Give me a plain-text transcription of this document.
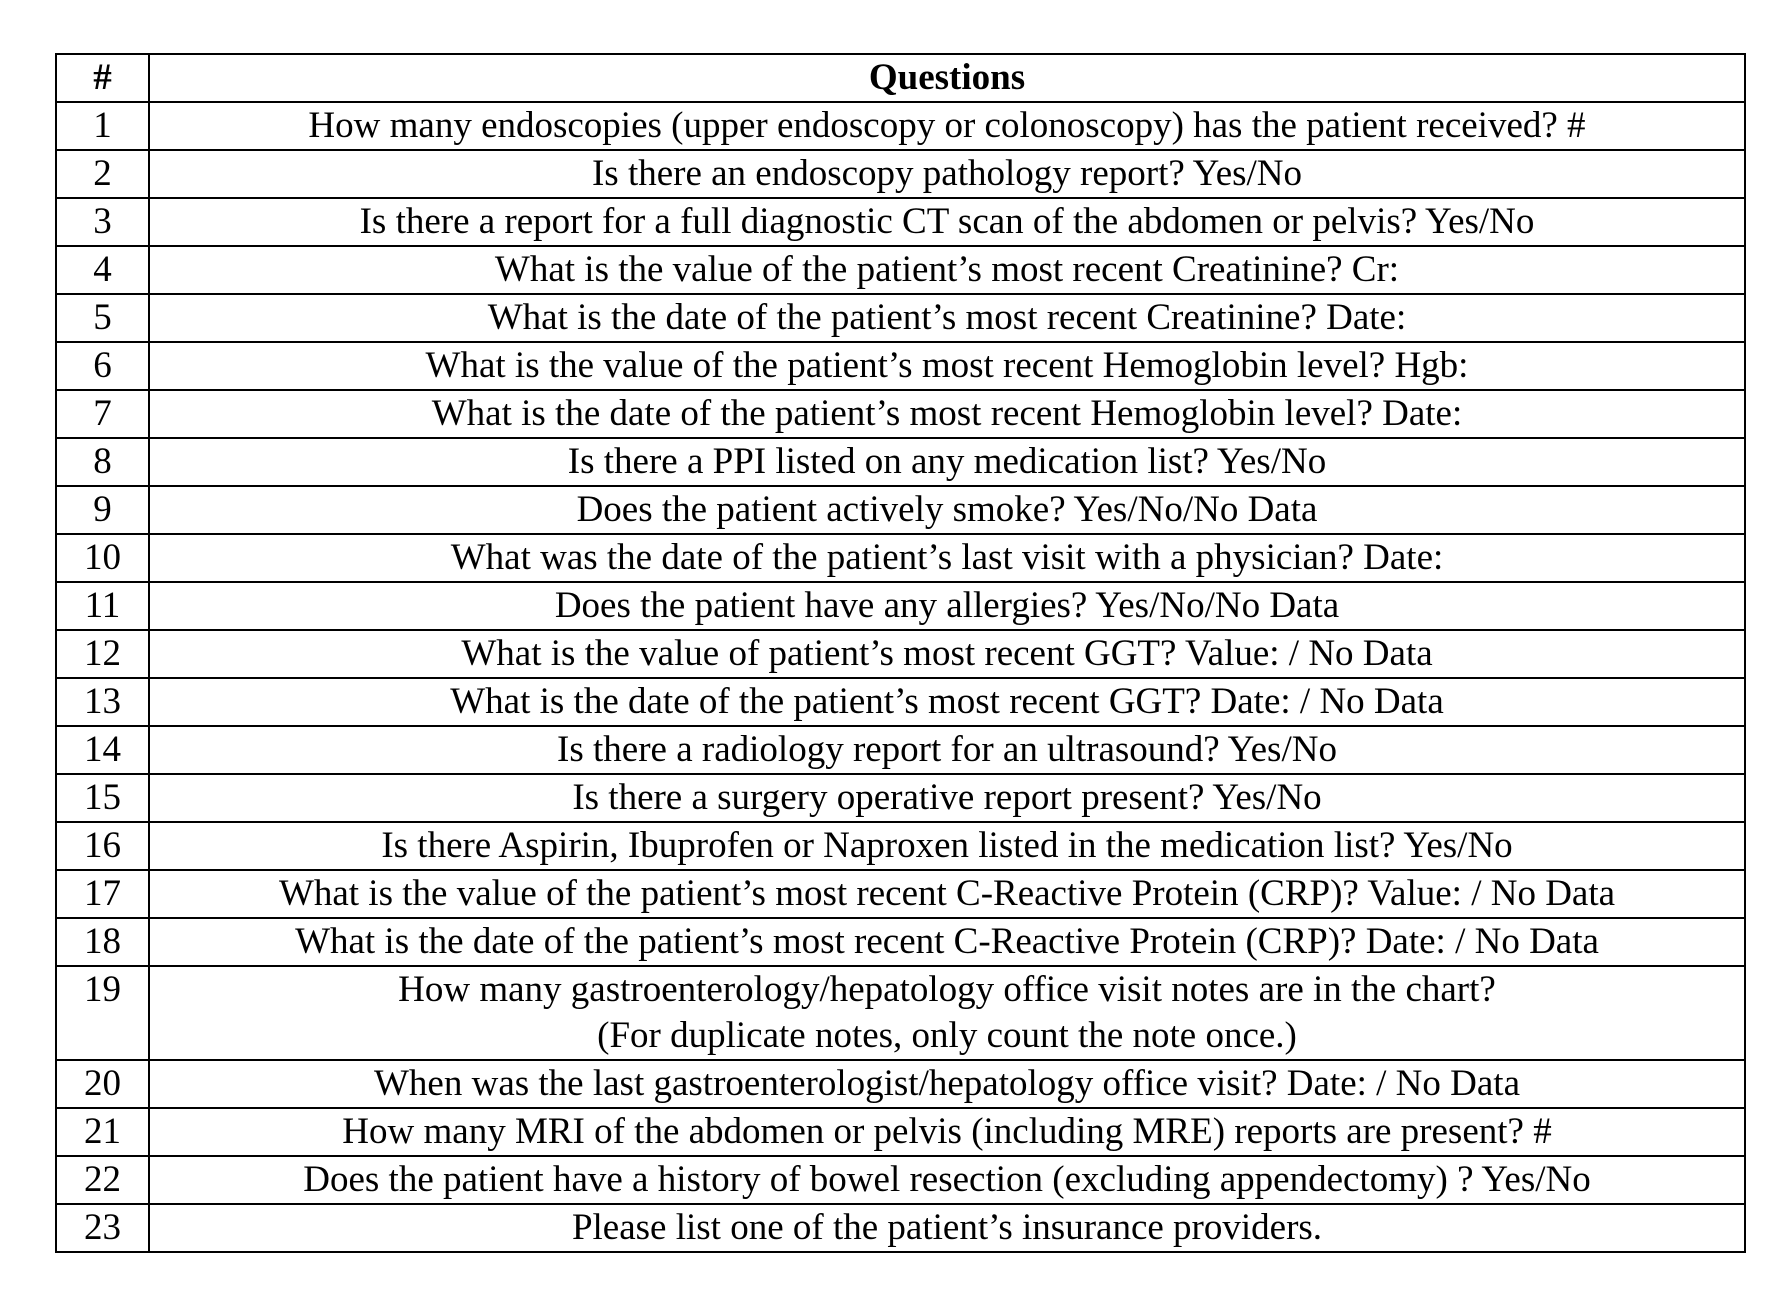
#	Questions
1	How many endoscopies (upper endoscopy or colonoscopy) has the patient received? #

2	Is there an endoscopy pathology report? Yes/No

3	Is there a report for a full diagnostic CT scan of the abdomen or pelvis? Yes/No

4	What is the value of the patient’s most recent Creatinine? Cr:

5	What is the date of the patient’s most recent Creatinine? Date:

6	What is the value of the patient’s most recent Hemoglobin level? Hgb:

7	What is the date of the patient’s most recent Hemoglobin level? Date:

8	Is there a PPI listed on any medication list? Yes/No

9	Does the patient actively smoke? Yes/No/No Data

10	What was the date of the patient’s last visit with a physician? Date:

11	Does the patient have any allergies? Yes/No/No Data

12	What is the value of patient’s most recent GGT? Value: / No Data

13	What is the date of the patient’s most recent GGT? Date: / No Data

14	Is there a radiology report for an ultrasound? Yes/No

15	Is there a surgery operative report present? Yes/No

16	Is there Aspirin, Ibuprofen or Naproxen listed in the medication list? Yes/No

17	What is the value of the patient’s most recent C-Reactive Protein (CRP)? Value: / No Data

18	What is the date of the patient’s most recent C-Reactive Protein (CRP)? Date: / No Data

19	How many gastroenterology/hepatology office visit notes are in the chart?
(For duplicate notes, only count the note once.)

20	When was the last gastroenterologist/hepatology office visit? Date: / No Data

21	How many MRI of the abdomen or pelvis (including MRE) reports are present? #

22	Does the patient have a history of bowel resection (excluding appendectomy) ? Yes/No

23	Please list one of the patient’s insurance providers.
